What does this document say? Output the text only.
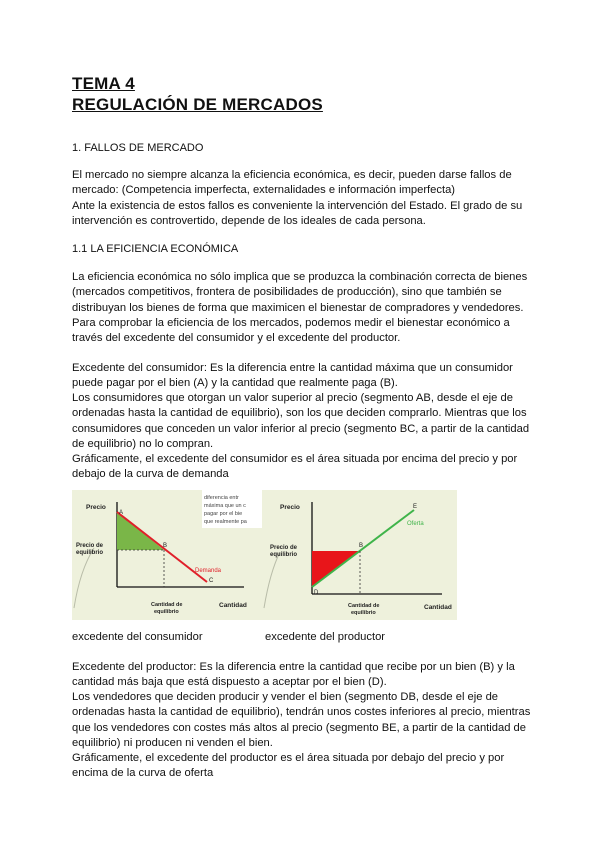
TEMA 4
REGULACIÓN DE MERCADOS
1. FALLOS DE MERCADO
El mercado no siempre alcanza la eficiencia económica, es decir, pueden darse fallos de mercado: (Competencia imperfecta, externalidades e información imperfecta)
Ante la existencia de estos fallos es conveniente la intervención del Estado. El grado de su intervención es controvertido, depende de los ideales de cada persona.
1.1 LA EFICIENCIA ECONÓMICA
La eficiencia económica no sólo implica que se produzca la combinación correcta de bienes (mercados competitivos, frontera de posibilidades de producción), sino que también se distribuyan los bienes de forma que maximicen el bienestar de compradores y vendedores.
Para comprobar la eficiencia de los mercados, podemos medir el bienestar económico a través del excedente del consumidor y el excedente del productor.
Excedente del consumidor: Es la diferencia entre la cantidad máxima que un consumidor puede pagar por el bien (A) y la cantidad que realmente paga (B).
Los consumidores que otorgan un valor superior al precio (segmento AB, desde el eje de ordenadas hasta la cantidad de equilibrio), son los que deciden comprarlo. Mientras que los consumidores que conceden un valor inferior al precio (segmento BC, a partir de la cantidad de equilibrio) no lo compran.
Gráficamente, el excedente del consumidor es el área situada por encima del precio y por debajo de la curva de demanda
Precio
A
B
C
Precio de
equilibrio
Cantidad de
equilibrio
Cantidad
Demanda
diferencia entr
máxima que un c
pagar por el bie
que realmente pa
Precio
B
D
E
Precio de
equilibrio
Cantidad de
equilibrio
Cantidad
Oferta
excedente del consumidor	excedente del productor
Excedente del productor: Es la diferencia entre la cantidad que recibe por un bien (B) y la cantidad más baja que está dispuesto a aceptar por el bien (D).
Los vendedores que deciden producir y vender el bien (segmento DB, desde el eje de ordenadas hasta la cantidad de equilibrio), tendrán unos costes inferiores al precio, mientras que los vendedores con costes más altos al precio (segmento BE, a partir de la cantidad de equilibrio) ni producen ni venden el bien.
Gráficamente, el excedente del productor es el área situada por debajo del precio y por encima de la curva de oferta
